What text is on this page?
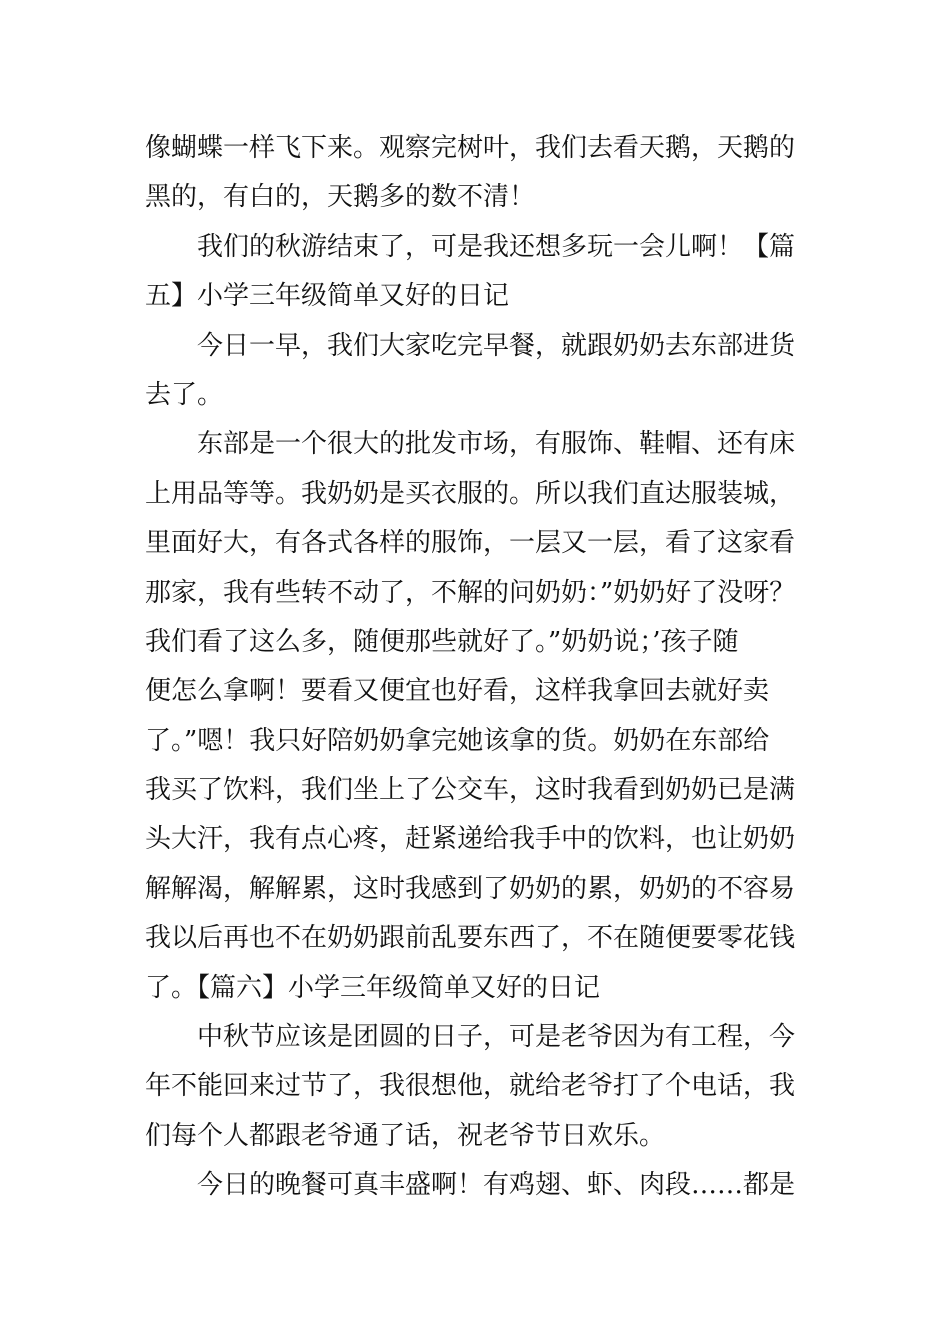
像蝴蝶一样飞下来。观察完树叶，我们去看天鹅，天鹅的
黑的，有白的，天鹅多的数不清！
我们的秋游结束了，可是我还想多玩一会儿啊！【篇
五】小学三年级简单又好的日记
今日一早，我们大家吃完早餐，就跟奶奶去东部进货
去了。
东部是一个很大的批发市场，有服饰、鞋帽、还有床
上用品等等。我奶奶是买衣服的。所以我们直达服装城，
里面好大，有各式各样的服饰，一层又一层，看了这家看
那家，我有些转不动了，不解的问奶奶：”奶奶好了没呀？
我们看了这么多，随便那些就好了。”奶奶说；’孩子随
便怎么拿啊！要看又便宜也好看，这样我拿回去就好卖
了。”嗯！我只好陪奶奶拿完她该拿的货。奶奶在东部给
我买了饮料，我们坐上了公交车，这时我看到奶奶已是满
头大汗，我有点心疼，赶紧递给我手中的饮料，也让奶奶
解解渴，解解累，这时我感到了奶奶的累，奶奶的不容易
我以后再也不在奶奶跟前乱要东西了，不在随便要零花钱
了。【篇六】小学三年级简单又好的日记
中秋节应该是团圆的日子，可是老爷因为有工程，今
年不能回来过节了，我很想他，就给老爷打了个电话，我
们每个人都跟老爷通了话，祝老爷节日欢乐。
今日的晚餐可真丰盛啊！有鸡翅、虾、肉段……都是
